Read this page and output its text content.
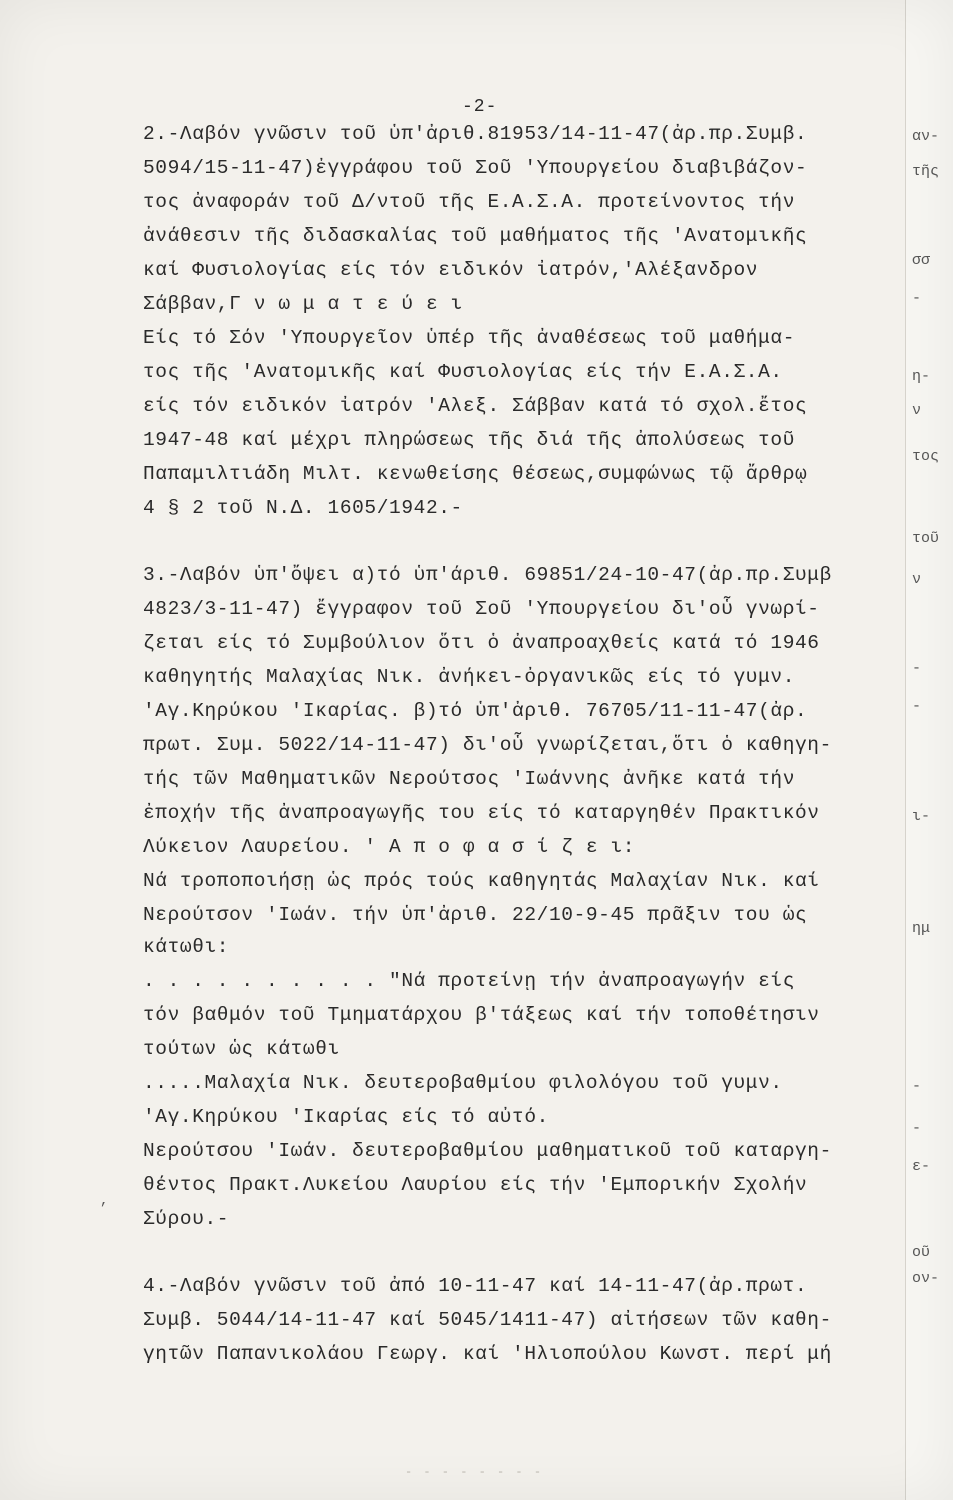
-2-
2.-Λαβόν γνῶσιν τοῦ ὑπ'ἀριθ.81953/14-11-47(ἀρ.πρ.Συμβ.
5094/15-11-47)ἐγγράφου τοῦ Σοῦ 'Υπουργείου διαβιβάζον-
τος ἀναφοράν τοῦ Δ/ντοῦ τῆς Ε.Α.Σ.Α. προτείνοντος τήν
ἀνάθεσιν τῆς διδασκαλίας τοῦ μαθήματος τῆς 'Ανατομικῆς
καί Φυσιολογίας είς τόν ειδικόν ἰατρόν,'Αλέξανδρον
Σάββαν,Γ ν ω μ α τ ε ύ ε ι
Είς τό Σόν 'Υπουργεῖον ὑπέρ τῆς ἀναθέσεως τοῦ μαθήμα-
τος τῆς 'Ανατομικῆς καί Φυσιολογίας είς τήν Ε.Α.Σ.Α.
είς τόν ειδικόν ἰατρόν 'Αλεξ. Σάββαν κατά τό σχολ.ἔτος
1947-48 καί μέχρι πληρώσεως τῆς διά τῆς ἀπολύσεως τοῦ
Παπαμιλτιάδη Μιλτ. κενωθείσης θέσεως,συμφώνως τῷ ἄρθρῳ
4 § 2 τοῦ Ν.Δ. 1605/1942.-
3.-Λαβόν ὑπ'ὄψει α)τό ὑπ'άριθ. 69851/24-10-47(ἀρ.πρ.Συμβ
4823/3-11-47) ἔγγραφον τοῦ Σοῦ 'Υπουργείου δι'οὗ γνωρί-
ζεται είς τό Συμβούλιον ὅτι ὁ ἀναπροαχθείς κατά τό 1946
καθηγητής Μαλαχίας Νικ. ἀνήκει-ὀργανικῶς είς τό γυμν.
'Αγ.Κηρύκου 'Ικαρίας. β)τό ὑπ'ἀριθ. 76705/11-11-47(ἀρ.
πρωτ. Συμ. 5022/14-11-47) δι'οὗ γνωρίζεται,ὅτι ὁ καθηγη-
τής τῶν Μαθηματικῶν Νερούτσος 'Ιωάννης ἀνῆκε κατά τήν
ἐποχήν τῆς ἀναπροαγωγῆς του είς τό καταργηθέν Πρακτικόν
Λύκειον Λαυρείου. ' Α π ο φ α σ ί ζ ε ι:
Νά τροποποιήσῃ ὡς πρός τούς καθηγητάς Μαλαχίαν Νικ. καί
Νερούτσον 'Ιωάν. τήν ὑπ'ἀριθ. 22/10-9-45 πρᾶξιν του ὡς
κάτωθι:
. . . . . . . . . . "Νά προτείνῃ τήν ἀναπροαγωγήν είς
τόν βαθμόν τοῦ Τμηματάρχου β'τάξεως καί τήν τοποθέτησιν
τούτων ὡς κάτωθι
.....Μαλαχία Νικ. δευτεροβαθμίου φιλολόγου τοῦ γυμν.
'Αγ.Κηρύκου 'Ικαρίας είς τό αὐτό.
Νερούτσου 'Ιωάν. δευτεροβαθμίου μαθηματικοῦ τοῦ καταργη-
θέντος Πρακτ.Λυκείου Λαυρίου είς τήν 'Εμπορικήν Σχολήν
Σύρου.-
4.-Λαβόν γνῶσιν τοῦ ἀπό 10-11-47 καί 14-11-47(ἀρ.πρωτ.
Συμβ. 5044/14-11-47 καί 5045/1411-47) αἰτήσεων τῶν καθη-
γητῶν Παπανικολάου Γεωργ. καί 'Ηλιοπούλου Κωνστ. περί μή
αν-
τῆς
σσ
-
η-
ν
τος
τοῦ
ν
-
-
ι-
ημ
-
-
ε-
οῦ
ον-
,
- - - - - - - -
